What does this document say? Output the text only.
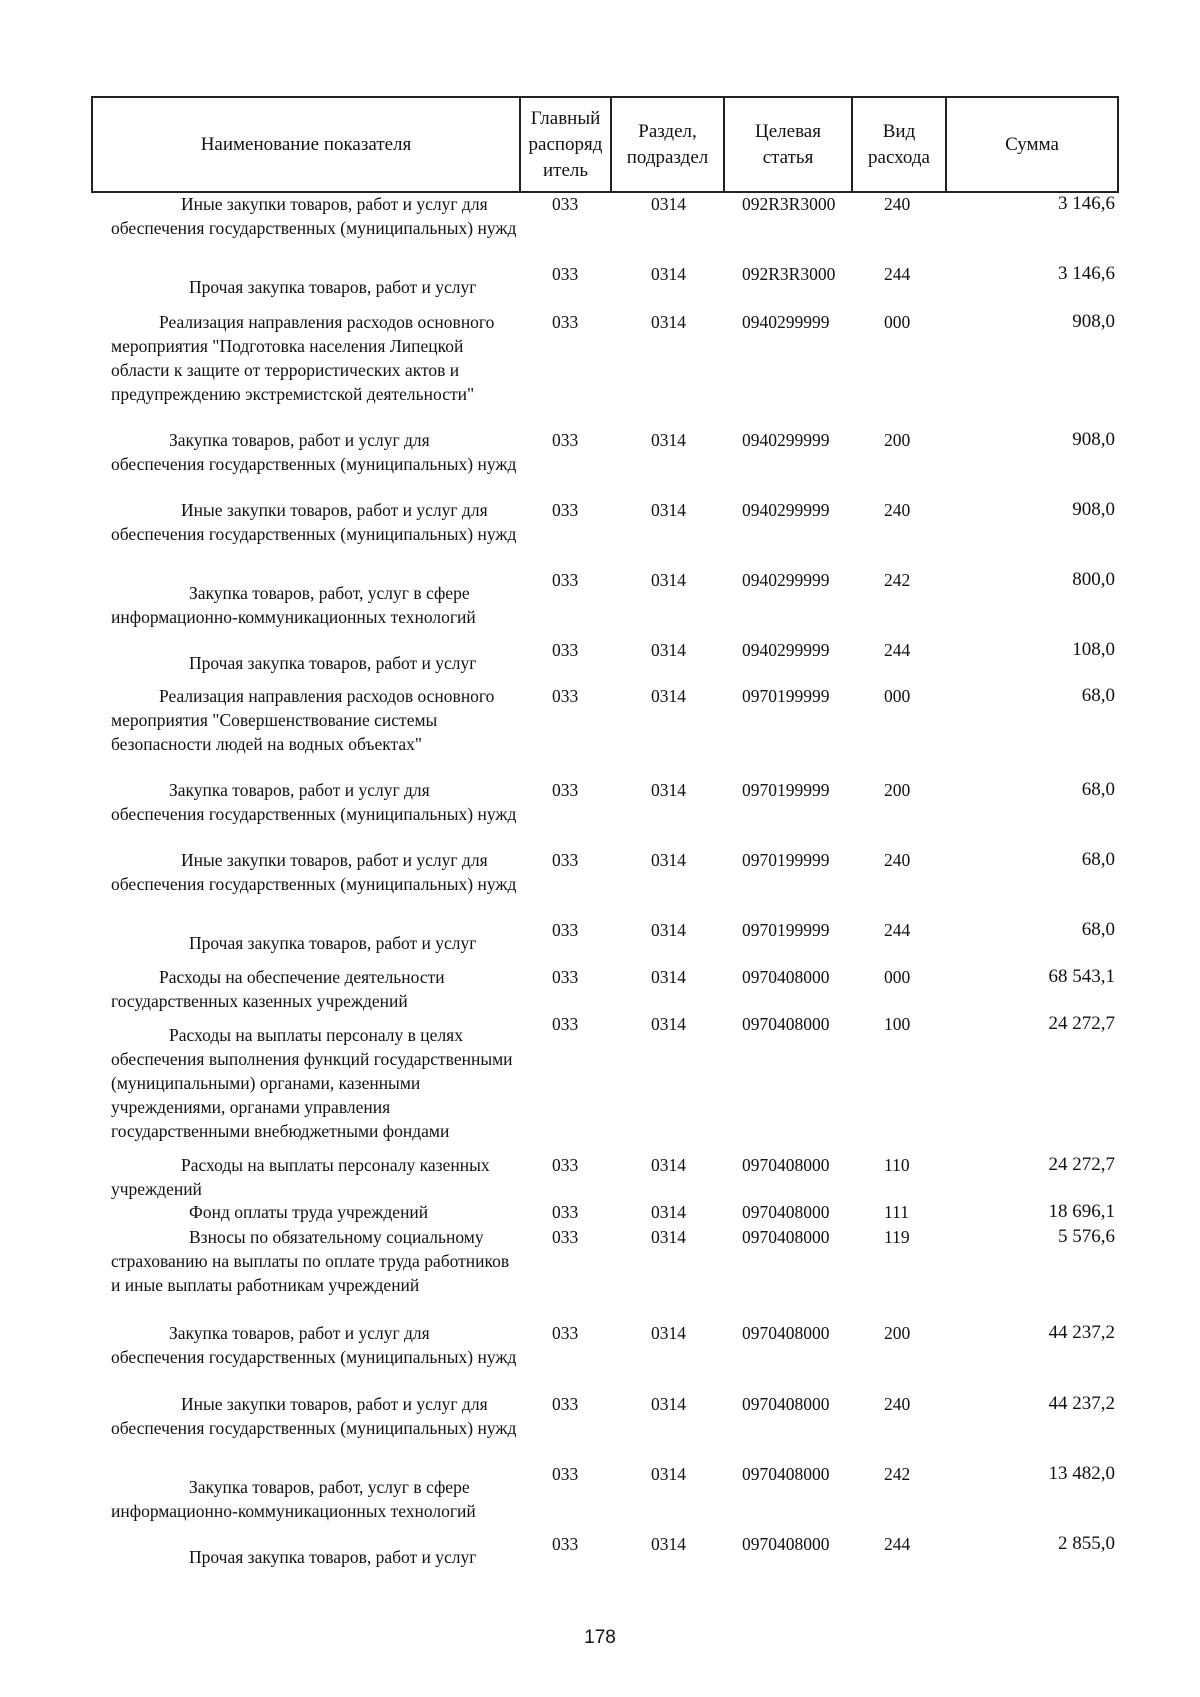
Наименование показателя	
Главный
распоряд
итель

Раздел,
подраздел

Целевая
статья

Вид
расхода
	Сумма
Иные закупки товаров, работ и услуг для обеспечения государственных (муниципальных) нужд
033	0314	092R3R3000	240	3 146,6
Прочая закупка товаров, работ и услуг
033	0314	092R3R3000	244	3 146,6
Реализация направления расходов основного мероприятия "Подготовка населения Липецкой области к защите от террористических актов и предупреждению экстремистской деятельности"
033	0314	0940299999	000	908,0
Закупка товаров, работ и услуг для обеспечения государственных (муниципальных) нужд
033	0314	0940299999	200	908,0
Иные закупки товаров, работ и услуг для обеспечения государственных (муниципальных) нужд
033	0314	0940299999	240	908,0
Закупка товаров, работ, услуг в сфере информационно-коммуникационных технологий
033	0314	0940299999	242	800,0
Прочая закупка товаров, работ и услуг
033	0314	0940299999	244	108,0
Реализация направления расходов основного мероприятия "Совершенствование системы безопасности людей на водных объектах"
033	0314	0970199999	000	68,0
Закупка товаров, работ и услуг для обеспечения государственных (муниципальных) нужд
033	0314	0970199999	200	68,0
Иные закупки товаров, работ и услуг для обеспечения государственных (муниципальных) нужд
033	0314	0970199999	240	68,0
Прочая закупка товаров, работ и услуг
033	0314	0970199999	244	68,0
Расходы на обеспечение деятельности государственных казенных учреждений
033	0314	0970408000	000	68 543,1
Расходы на выплаты персоналу в целях обеспечения выполнения функций государственными (муниципальными) органами, казенными учреждениями, органами управления государственными внебюджетными фондами
033	0314	0970408000	100	24 272,7
Расходы на выплаты персоналу казенных учреждений
033	0314	0970408000	110	24 272,7
Фонд оплаты труда учреждений	033	0314	0970408000	111	18 696,1
Взносы по обязательному социальному страхованию на выплаты по оплате труда работников и иные выплаты работникам учреждений
033	0314	0970408000	119	5 576,6
Закупка товаров, работ и услуг для обеспечения государственных (муниципальных) нужд
033	0314	0970408000	200	44 237,2
Иные закупки товаров, работ и услуг для обеспечения государственных (муниципальных) нужд
033	0314	0970408000	240	44 237,2
Закупка товаров, работ, услуг в сфере информационно-коммуникационных технологий
033	0314	0970408000	242	13 482,0
Прочая закупка товаров, работ и услуг
033	0314	0970408000	244	2 855,0
178
